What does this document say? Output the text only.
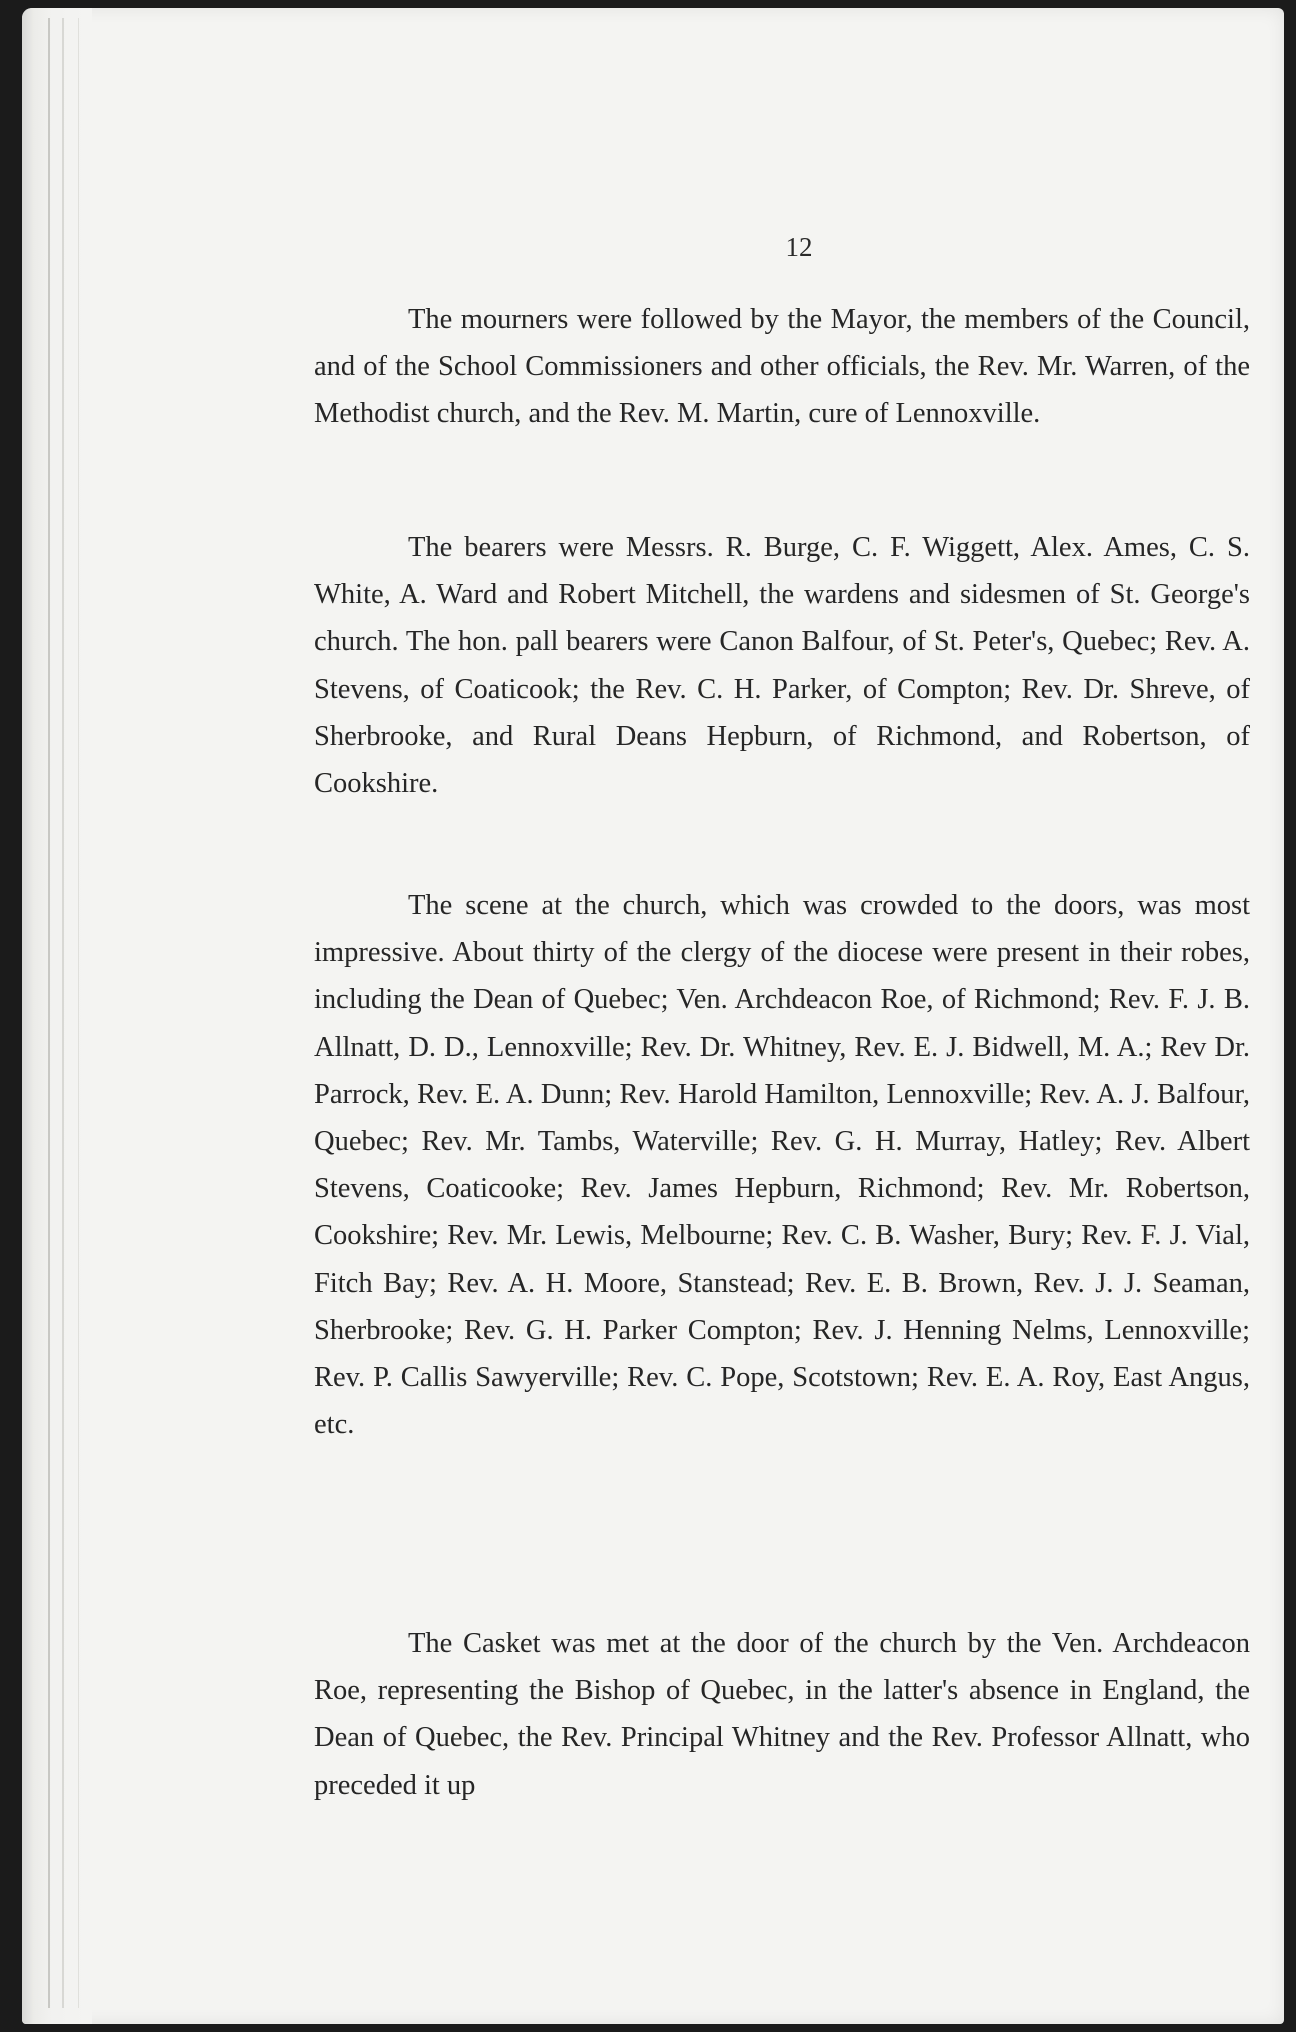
12

The mourners were followed by the Mayor, the members of the Council, and of the School Commissioners and other officials, the Rev. Mr. Warren, of the Methodist church, and the Rev. M. Martin, cure of Lennoxville.

The bearers were Messrs. R. Burge, C. F. Wiggett, Alex. Ames, C. S. White, A. Ward and Robert Mitchell, the wardens and sidesmen of St. George's church. The hon. pall bearers were Canon Balfour, of St. Peter's, Quebec; Rev. A. Stevens, of Coaticook; the Rev. C. H. Parker, of Compton; Rev. Dr. Shreve, of Sherbrooke, and Rural Deans Hepburn, of Richmond, and Robertson, of Cookshire.

The scene at the church, which was crowded to the doors, was most impressive. About thirty of the clergy of the diocese were present in their robes, including the Dean of Quebec; Ven. Archdeacon Roe, of Richmond; Rev. F. J. B. Allnatt, D. D., Lennoxville; Rev. Dr. Whitney, Rev. E. J. Bidwell, M. A.; Rev Dr. Parrock, Rev. E. A. Dunn; Rev. Harold Hamilton, Lennoxville; Rev. A. J. Balfour, Quebec; Rev. Mr. Tambs, Waterville; Rev. G. H. Murray, Hatley; Rev. Albert Stevens, Coaticooke; Rev. James Hepburn, Richmond; Rev. Mr. Robertson, Cookshire; Rev. Mr. Lewis, Melbourne; Rev. C. B. Washer, Bury; Rev. F. J. Vial, Fitch Bay; Rev. A. H. Moore, Stanstead; Rev. E. B. Brown, Rev. J. J. Seaman, Sherbrooke; Rev. G. H. Parker Compton; Rev. J. Henning Nelms, Lennoxville; Rev. P. Callis Sawyerville; Rev. C. Pope, Scotstown; Rev. E. A. Roy, East Angus, etc.

The Casket was met at the door of the church by the Ven. Archdeacon Roe, representing the Bishop of Quebec, in the latter's absence in England, the Dean of Quebec, the Rev. Principal Whitney and the Rev. Professor Allnatt, who preceded it up
